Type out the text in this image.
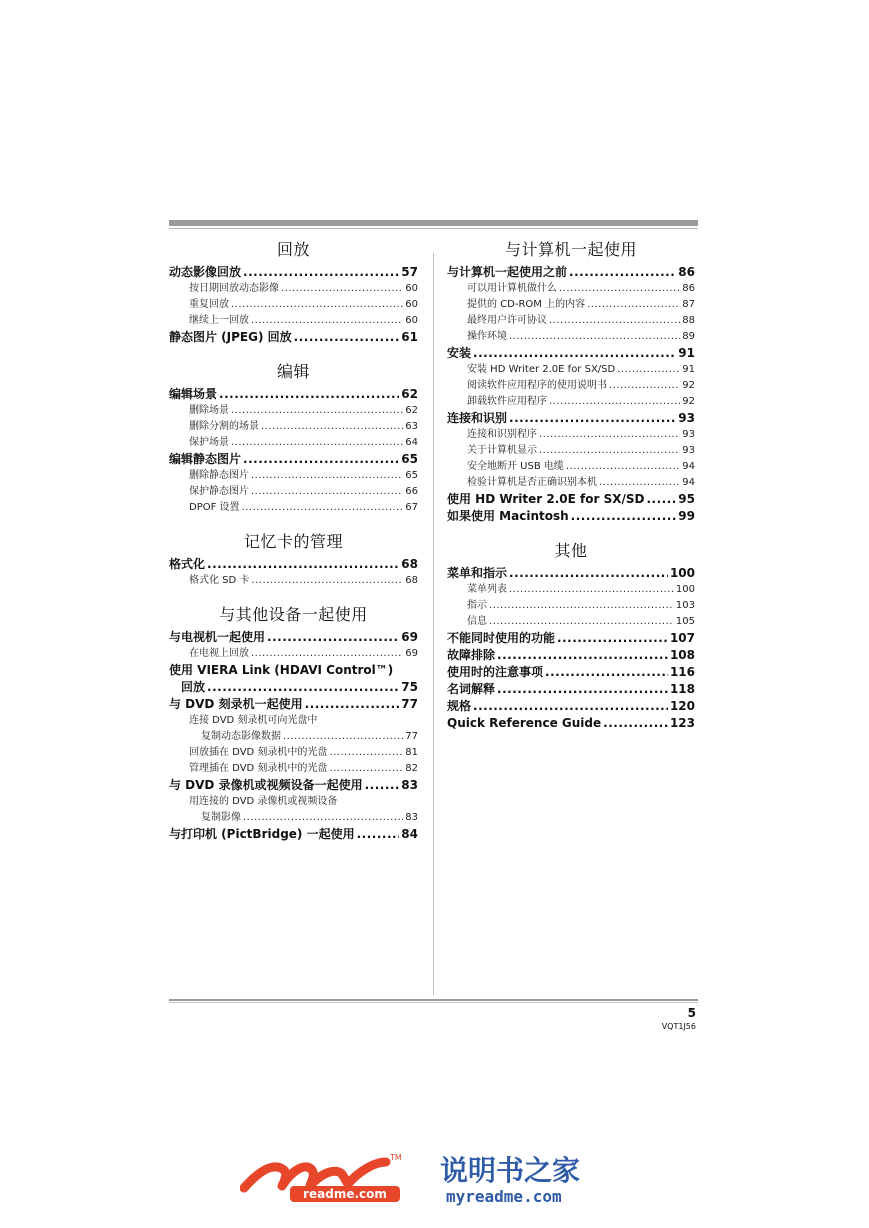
回放
动态影像回放 .....	57
按日期回放动态影像 .....	60
重复回放 .....	60
继续上一回放 .....	60
静态图片 (JPEG) 回放 .....	61
编辑
编辑场景 .....	62
删除场景 .....	62
删除分割的场景 .....	63
保护场景 .....	64
编辑静态图片 .....	65
删除静态图片 .....	65
保护静态图片 .....	66
DPOF 设置 .....	67
记忆卡的管理
格式化 .....	68
格式化 SD 卡 .....	68
与其他设备一起使用
与电视机一起使用 .....	69
在电视上回放 .....	69
使用 VIERA Link (HDAVI Control™)
回放 .....	75
与 DVD 刻录机一起使用 .....	77
连接 DVD 刻录机可向光盘中
复制动态影像数据 .....	77
回放插在 DVD 刻录机中的光盘 .....	81
管理插在 DVD 刻录机中的光盘 .....	82
与 DVD 录像机或视频设备一起使用 .....	83
用连接的 DVD 录像机或视频设备
复制影像 .....	83
与打印机 (PictBridge) 一起使用 .....	84
与计算机一起使用
与计算机一起使用之前 .....	86
可以用计算机做什么 .....	86
提供的 CD-ROM 上的内容 .....	87
最终用户许可协议 .....	88
操作环境 .....	89
安装 .....	91
安装 HD Writer 2.0E for SX/SD .....	91
阅读软件应用程序的使用说明书 .....	92
卸载软件应用程序 .....	92
连接和识别 .....	93
连接和识别程序 .....	93
关于计算机显示 .....	93
安全地断开 USB 电缆 .....	94
检验计算机是否正确识别本机 .....	94
使用 HD Writer 2.0E for SX/SD .....	95
如果使用 Macintosh .....	99
其他
菜单和指示 .....	100
菜单列表 .....	100
指示 .....	103
信息 .....	105
不能同时使用的功能 .....	107
故障排除 .....	108
使用时的注意事项 .....	116
名词解释 .....	118
规格 .....	120
Quick Reference Guide .....	123
5
VQT1J56
TM
readme.com
说明书之家
myreadme.com
